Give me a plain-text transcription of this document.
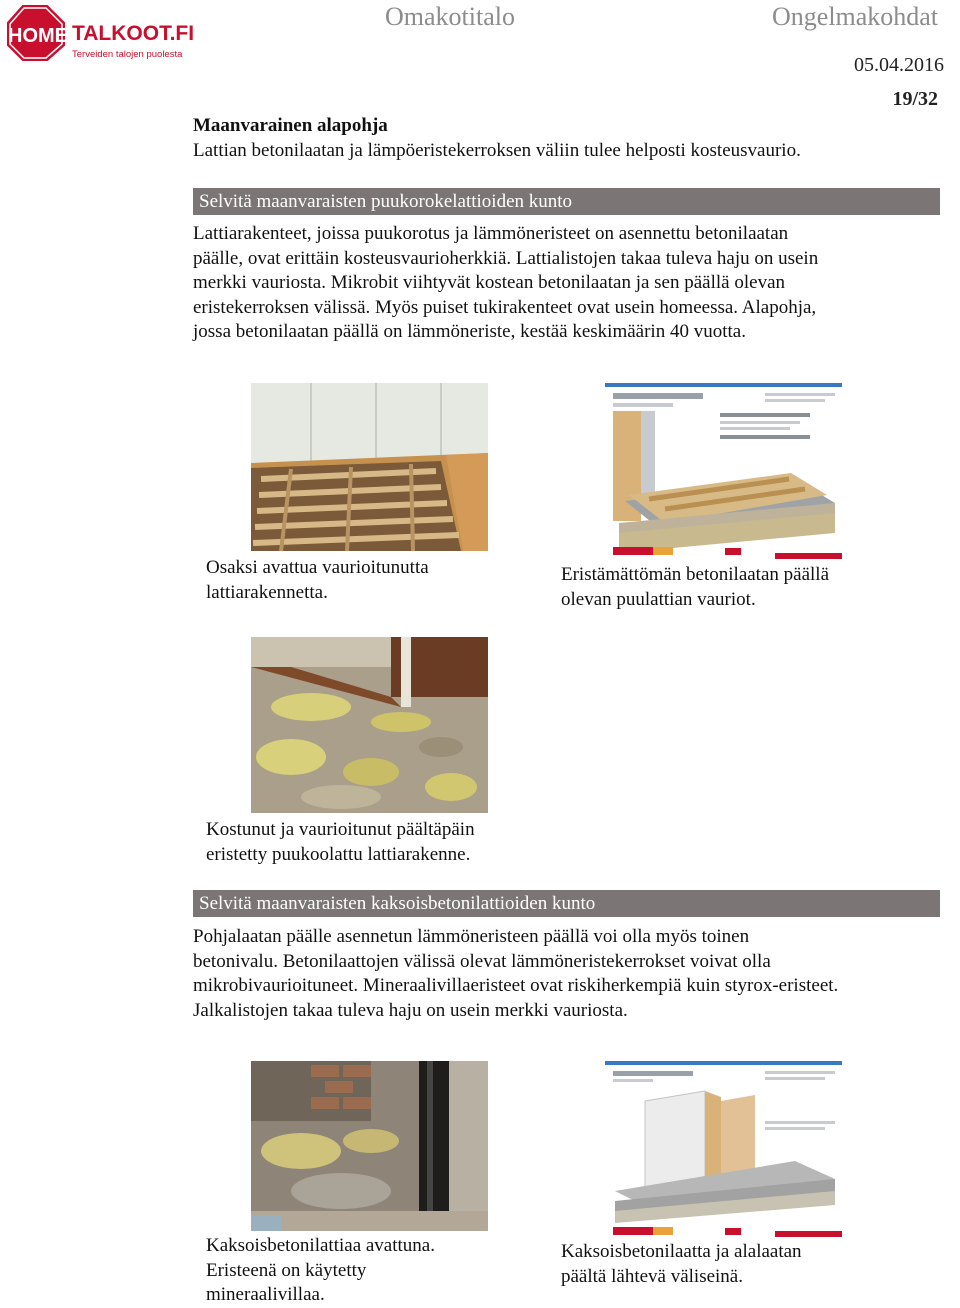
HOME TALKOOT.FI
Terveiden talojen puolesta
Omakotitalo	Ongelmakohdat
05.04.2016
19/32
Maanvarainen alapohja
Lattian betonilaatan ja lämpöeristekerroksen väliin tulee helposti kosteusvaurio.
Selvitä maanvaraisten puukorokelattioiden kunto
Lattiarakenteet, joissa puukorotus ja lämmöneristeet on asennettu betonilaatan
päälle, ovat erittäin kosteusvaurioherkkiä. Lattialistojen takaa tuleva haju on usein
merkki vauriosta. Mikrobit viihtyvät kostean betonilaatan ja sen päällä olevan
eristekerroksen välissä. Myös puiset tukirakenteet ovat usein homeessa. Alapohja,
jossa betonilaatan päällä on lämmöneriste, kestää keskimäärin 40 vuotta.
Osaksi avattua vaurioitunutta
lattiarakennetta.
Eristämättömän betonilaatan päällä
olevan puulattian vauriot.
Kostunut ja vaurioitunut päältäpäin
eristetty puukoolattu lattiarakenne.
Selvitä maanvaraisten kaksoisbetonilattioiden kunto
Pohjalaatan päälle asennetun lämmöneristeen päällä voi olla myös toinen
betonivalu. Betonilaattojen välissä olevat lämmöneristekerrokset voivat olla
mikrobivaurioituneet. Mineraalivillaeristeet ovat riskiherkempiä kuin styrox-eristeet.
Jalkalistojen takaa tuleva haju on usein merkki vauriosta.
Kaksoisbetonilattiaa avattuna.
Eristeenä on käytetty
mineraalivillaa.
Kaksoisbetonilaatta ja alalaatan
päältä lähtevä väliseinä.
